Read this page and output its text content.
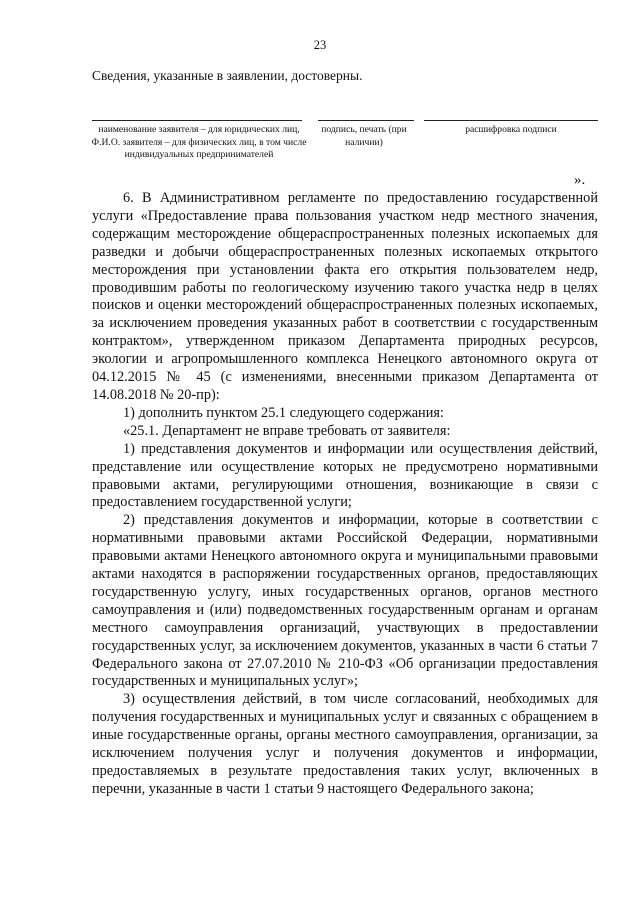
23
Сведения, указанные в заявлении, достоверны.
наименование заявителя – для юридических лиц, Ф.И.О. заявителя – для физических лиц, в том числе индивидуальных предпринимателей
подпись, печать (при наличии)
расшифровка подписи
».

6. В Административном регламенте по предоставлению государственной услуги «Предоставление права пользования участком недр местного значения, содержащим месторождение общераспространенных полезных ископаемых для разведки и добычи общераспространенных полезных ископаемых открытого месторождения при установлении факта его открытия пользователем недр, проводившим работы по геологическому изучению такого участка недр в целях поисков и оценки месторождений общераспространенных полезных ископаемых, за исключением проведения указанных работ в соответствии с государственным контрактом», утвержденном приказом Департамента природных ресурсов, экологии и агропромышленного комплекса Ненецкого автономного округа от 04.12.2015 № 45 (с изменениями, внесенными приказом Департамента от 14.08.2018 № 20-пр):

1) дополнить пунктом 25.1 следующего содержания:

«25.1. Департамент не вправе требовать от заявителя:

1) представления документов и информации или осуществления действий, представление или осуществление которых не предусмотрено нормативными правовыми актами, регулирующими отношения, возникающие в связи с предоставлением государственной услуги;

2) представления документов и информации, которые в соответствии с нормативными правовыми актами Российской Федерации, нормативными правовыми актами Ненецкого автономного округа и муниципальными правовыми актами находятся в распоряжении государственных органов, предоставляющих государственную услугу, иных государственных органов, органов местного самоуправления и (или) подведомственных государственным органам и органам местного самоуправления организаций, участвующих в предоставлении государственных услуг, за исключением документов, указанных в части 6 статьи 7 Федерального закона от 27.07.2010 № 210-ФЗ «Об организации предоставления государственных и муниципальных услуг»;

3) осуществления действий, в том числе согласований, необходимых для получения государственных и муниципальных услуг и связанных с обращением в иные государственные органы, органы местного самоуправления, организации, за исключением получения услуг и получения документов и информации, предоставляемых в результате предоставления таких услуг, включенных в перечни, указанные в части 1 статьи 9 настоящего Федерального закона;
